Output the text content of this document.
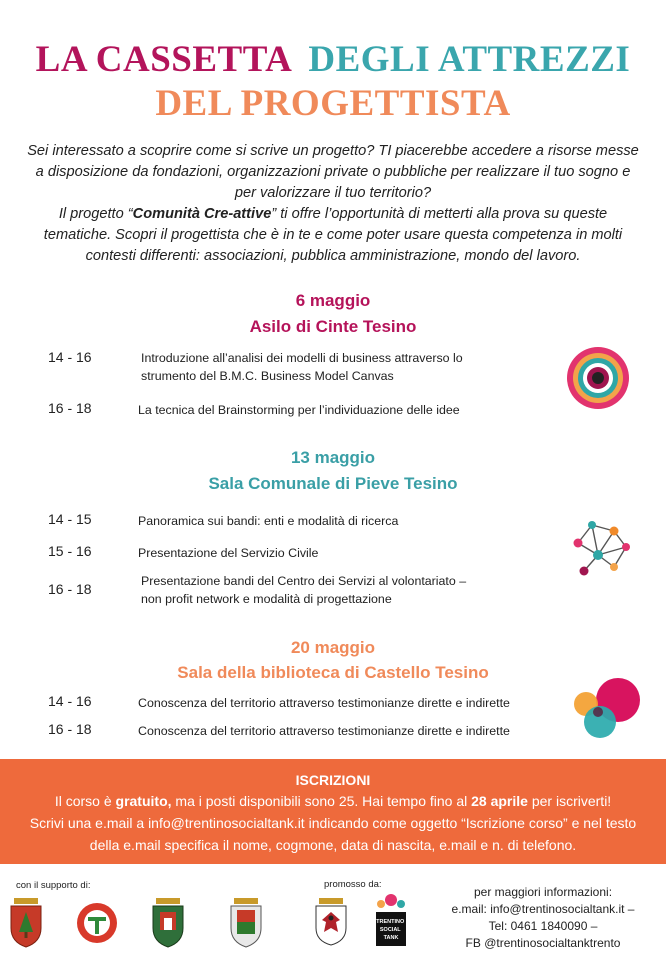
LA CASSETTA DEGLI ATTREZZI
DEL PROGETTISTA

Sei interessato a scoprire come si scrive un progetto? TI piacerebbe accedere a risorse messe

a disposizione da fondazioni, organizzazioni private o pubbliche per realizzare il tuo sogno e

per valorizzare il tuo territorio?

Il progetto “Comunità Cre-attive” ti offre l’opportunità di metterti alla prova su queste

tematiche. Scopri il progettista che è in te e come poter usare questa competenza in molti

contesti differenti: associazioni, pubblica amministrazione, mondo del lavoro.

6 maggio
Asilo di Cinte Tesino
14 - 16	Introduzione all’analisi dei modelli di business attraverso lo strumento del B.M.C. Business Model Canvas
16 - 18	La tecnica del Brainstorming per l’individuazione delle idee
13 maggio
Sala Comunale di Pieve Tesino
14 - 15	Panoramica sui bandi: enti e modalità di ricerca
15 - 16	Presentazione del Servizio Civile
16 - 18	Presentazione bandi del Centro dei Servizi al volontariato – non profit network e modalità di progettazione
20 maggio
Sala della biblioteca di Castello Tesino
14 - 16	Conoscenza del territorio attraverso testimonianze dirette e indirette
16 - 18	Conoscenza del territorio attraverso testimonianze dirette e indirette
ISCRIZIONI
Il corso è gratuito, ma i posti disponibili sono 25. Hai tempo fino al 28 aprile per iscriverti!
Scrivi una e.mail a info@trentinosocialtank.it indicando come oggetto “Iscrizione corso” e nel testo
della e.mail specifica il nome, cogmone, data di nascita, e.mail e n. di telefono.
con il supporto di:	promosso da:
TRENTINO SOCIAL TANK
per maggiori informazioni:
e.mail: info@trentinosocialtank.it –
Tel: 0461 1840090 –
FB @trentinosocialtanktrento
